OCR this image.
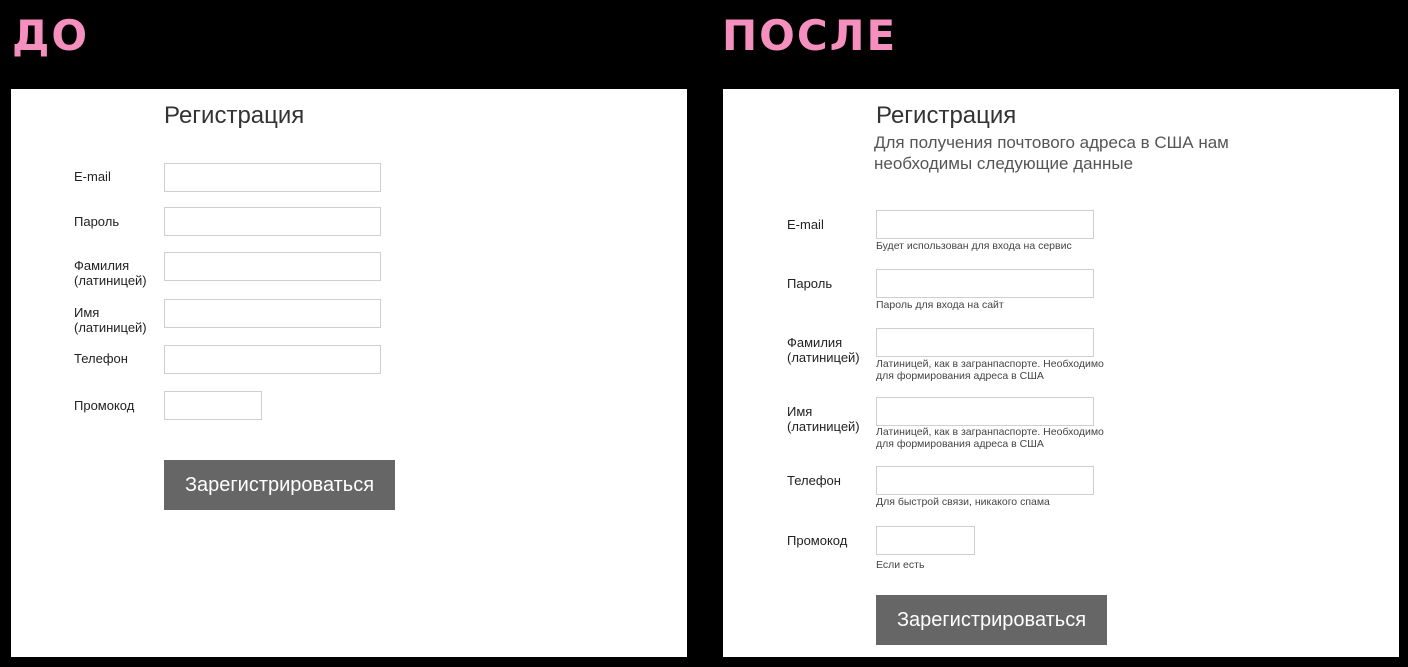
ДО	ПОСЛЕ
Регистрация
E-mail
Пароль
Фамилия
(латиницей)
Имя
(латиницей)
Телефон
Промокод
Зарегистрироваться
Регистрация
Для получения почтового адреса в США нам
необходимы следующие данные
E-mail
Будет использован для входа на сервис
Пароль
Пароль для входа на сайт
Фамилия
(латиницей) Латиницей, как в загранпаспорте. Необходимо
для формирования адреса в США
Имя
(латиницей) Латиницей, как в загранпаспорте. Необходимо
для формирования адреса в США
Телефон
Для быстрой связи, никакого спама
Промокод
Если есть
Зарегистрироваться
